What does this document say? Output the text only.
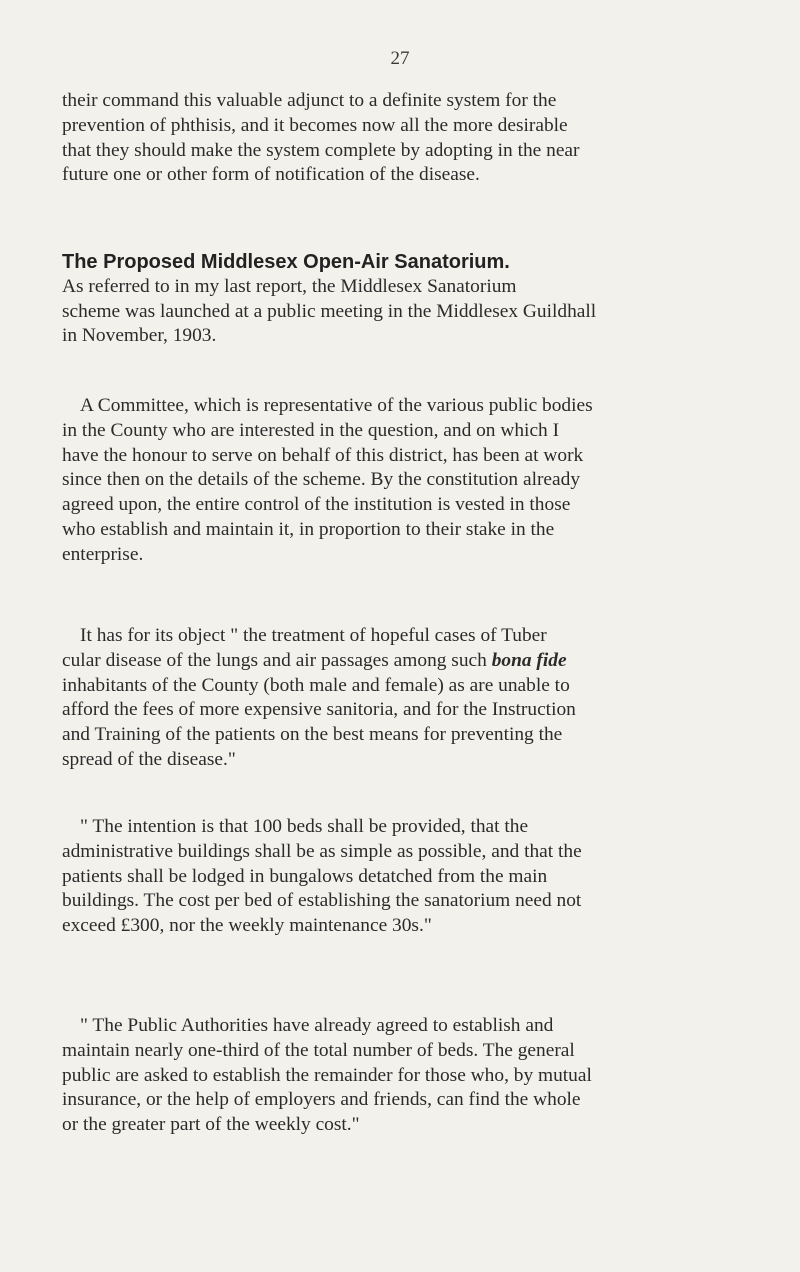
27
their command this valuable adjunct to a definite system for the
prevention of phthisis, and it becomes now all the more desirable
that they should make the system complete by adopting in the near
future one or other form of notification of the disease.
The Proposed Middlesex Open-Air Sanatorium.
As referred to in my last report, the Middlesex Sanatorium
scheme was launched at a public meeting in the Middlesex Guildhall
in November, 1903.
A Committee, which is representative of the various public bodies
in the County who are interested in the question, and on which I
have the honour to serve on behalf of this district, has been at work
since then on the details of the scheme. By the constitution already
agreed upon, the entire control of the institution is vested in those
who establish and maintain it, in proportion to their stake in the
enterprise.
It has for its object " the treatment of hopeful cases of Tuber
cular disease of the lungs and air passages among such bona fide
inhabitants of the County (both male and female) as are unable to
afford the fees of more expensive sanitoria, and for the Instruction
and Training of the patients on the best means for preventing the
spread of the disease."
" The intention is that 100 beds shall be provided, that the
administrative buildings shall be as simple as possible, and that the
patients shall be lodged in bungalows detatched from the main
buildings. The cost per bed of establishing the sanatorium need not
exceed £300, nor the weekly maintenance 30s."
" The Public Authorities have already agreed to establish and
maintain nearly one-third of the total number of beds. The general
public are asked to establish the remainder for those who, by mutual
insurance, or the help of employers and friends, can find the whole
or the greater part of the weekly cost."
